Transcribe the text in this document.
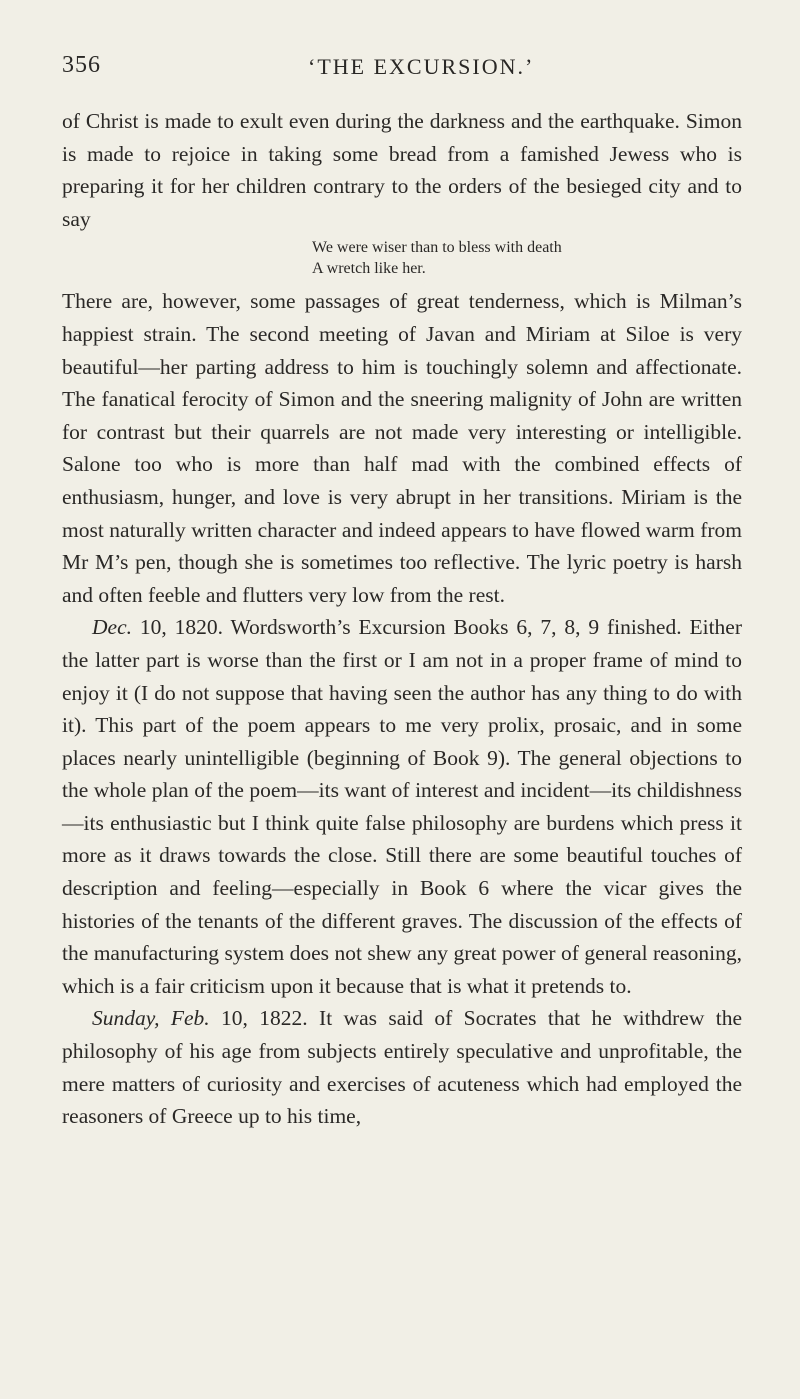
356	‘THE EXCURSION.’

of Christ is made to exult even during the darkness and the earthquake. Simon is made to rejoice in taking some bread from a famished Jewess who is preparing it for her children contrary to the orders of the besieged city and to say

We were wiser than to bless with death
A wretch like her.

There are, however, some passages of great tenderness, which is Milman’s happiest strain. The second meeting of Javan and Miriam at Siloe is very beautiful—her parting address to him is touchingly solemn and affectionate. The fanatical ferocity of Simon and the sneering malignity of John are written for contrast but their quarrels are not made very interesting or intelligible. Salone too who is more than half mad with the combined effects of enthusiasm, hunger, and love is very abrupt in her transitions. Miriam is the most naturally written character and indeed appears to have flowed warm from Mr M’s pen, though she is sometimes too reflective. The lyric poetry is harsh and often feeble and flutters very low from the rest.

Dec. 10, 1820. Wordsworth’s Excursion Books 6, 7, 8, 9 finished. Either the latter part is worse than the first or I am not in a proper frame of mind to enjoy it (I do not suppose that having seen the author has any thing to do with it). This part of the poem appears to me very prolix, prosaic, and in some places nearly unintelligible (beginning of Book 9). The general objections to the whole plan of the poem—its want of interest and incident—its childishness—its enthusiastic but I think quite false philosophy are burdens which press it more as it draws towards the close. Still there are some beautiful touches of description and feeling—especially in Book 6 where the vicar gives the histories of the tenants of the different graves. The discussion of the effects of the manufacturing system does not shew any great power of general reasoning, which is a fair criticism upon it because that is what it pretends to.

Sunday, Feb. 10, 1822. It was said of Socrates that he withdrew the philosophy of his age from subjects entirely speculative and unprofitable, the mere matters of curiosity and exercises of acuteness which had employed the reasoners of Greece up to his time,
